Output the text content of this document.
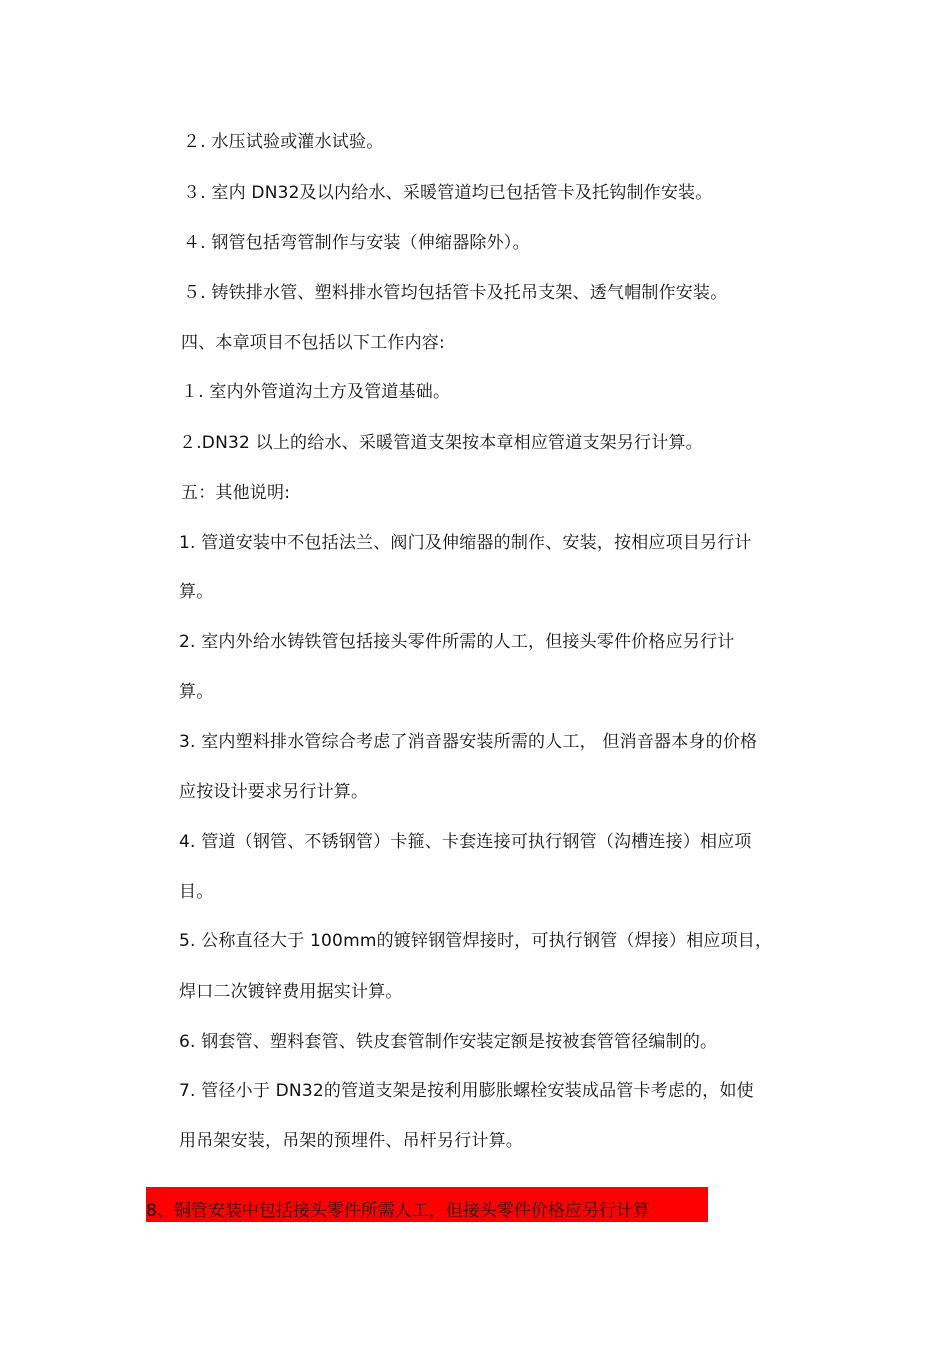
２. 水压试验或灌水试验。
３. 室内 DN32及以内给水、采暖管道均已包括管卡及托钩制作安装。
４. 钢管包括弯管制作与安装（伸缩器除外）。
５. 铸铁排水管、塑料排水管均包括管卡及托吊支架、透气帽制作安装。
四、本章项目不包括以下工作内容:
１. 室内外管道沟土方及管道基础。
２.DN32 以上的给水、采暖管道支架按本章相应管道支架另行计算。
五：其他说明:
1. 管道安装中不包括法兰、阀门及伸缩器的制作、安装，按相应项目另行计
算。
2. 室内外给水铸铁管包括接头零件所需的人工，但接头零件价格应另行计
算。
3. 室内塑料排水管综合考虑了消音器安装所需的人工， 但消音器本身的价格
应按设计要求另行计算。
4. 管道（钢管、不锈钢管）卡箍、卡套连接可执行钢管（沟槽连接）相应项
目。
5. 公称直径大于 100mm的镀锌钢管焊接时，可执行钢管（焊接）相应项目，
焊口二次镀锌费用据实计算。
6. 钢套管、塑料套管、铁皮套管制作安装定额是按被套管管径编制的。
7. 管径小于 DN32的管道支架是按利用膨胀螺栓安装成品管卡考虑的，如使
用吊架安装，吊架的预埋件、吊杆另行计算。
8、铜管安装中包括接头零件所需人工，但接头零件价格应另行计算
